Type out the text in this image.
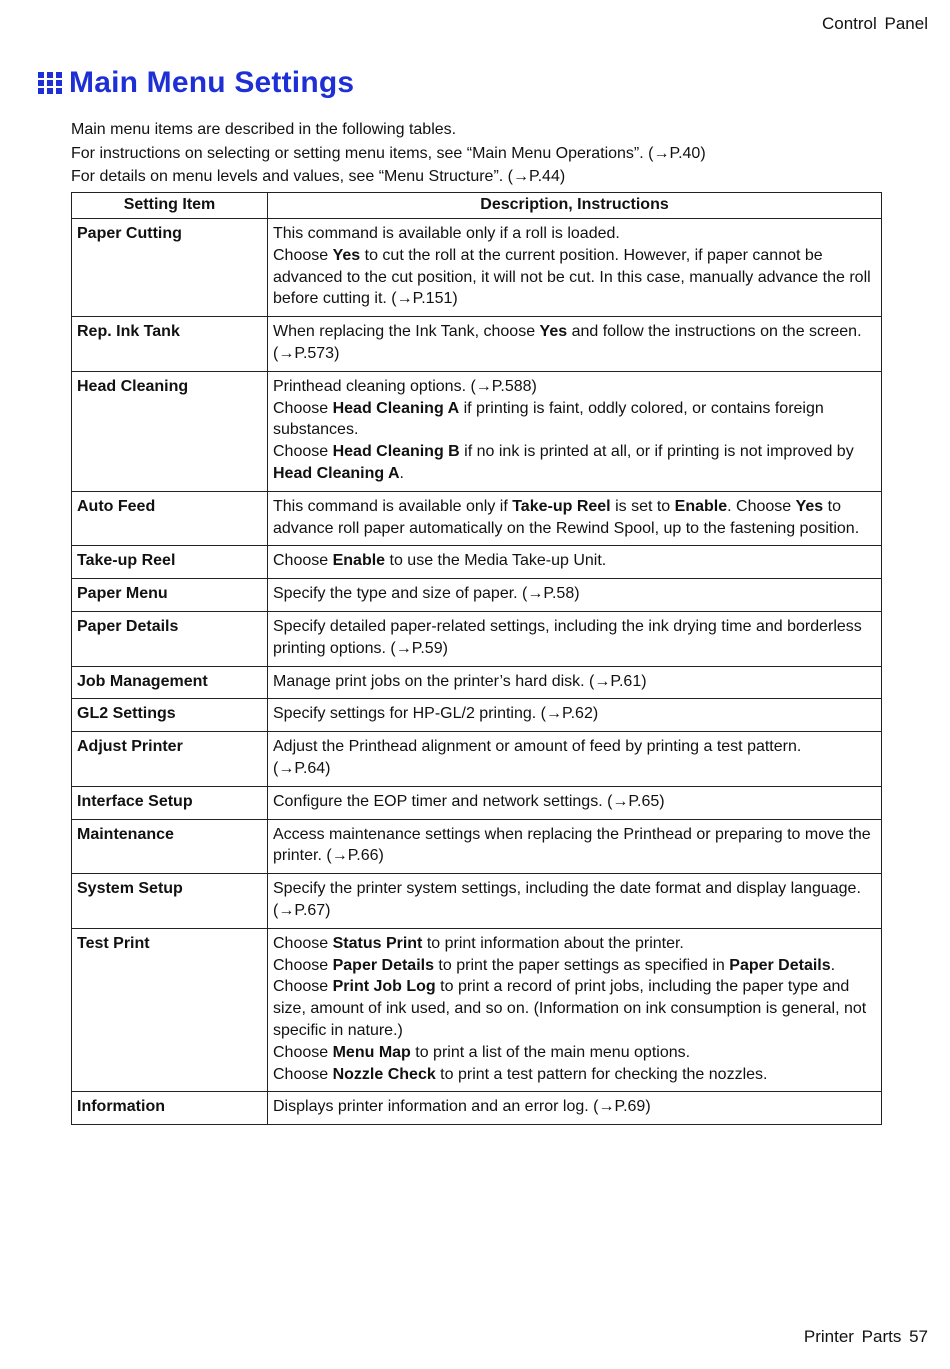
Control Panel
Main Menu Settings
Main menu items are described in the following tables.
For instructions on selecting or setting menu items, see “Main Menu Operations”. (→P.40)
For details on menu levels and values, see “Menu Structure”. (→P.44)
Setting Item	Description, Instructions
Paper Cutting	This command is available only if a roll is loaded.
Choose Yes to cut the roll at the current position. However, if paper cannot be advanced to the cut position, it will not be cut. In this case, manually advance the roll before cutting it. (→P.151)
Rep. Ink Tank	When replacing the Ink Tank, choose Yes and follow the instructions on the screen. (→P.573)
Head Cleaning	Printhead cleaning options. (→P.588)
Choose Head Cleaning A if printing is faint, oddly colored, or contains foreign substances.
Choose Head Cleaning B if no ink is printed at all, or if printing is not improved by Head Cleaning A.
Auto Feed	This command is available only if Take-up Reel is set to Enable. Choose Yes to advance roll paper automatically on the Rewind Spool, up to the fastening position.
Take-up Reel	Choose Enable to use the Media Take-up Unit.
Paper Menu	Specify the type and size of paper. (→P.58)
Paper Details	Specify detailed paper-related settings, including the ink drying time and borderless printing options. (→P.59)
Job Management	Manage print jobs on the printer’s hard disk. (→P.61)
GL2 Settings	Specify settings for HP-GL/2 printing. (→P.62)
Adjust Printer	Adjust the Printhead alignment or amount of feed by printing a test pattern.
(→P.64)
Interface Setup	Configure the EOP timer and network settings. (→P.65)
Maintenance	Access maintenance settings when replacing the Printhead or preparing to move the printer. (→P.66)
System Setup	Specify the printer system settings, including the date format and display language. (→P.67)
Test Print	Choose Status Print to print information about the printer.
Choose Paper Details to print the paper settings as specified in Paper Details.
Choose Print Job Log to print a record of print jobs, including the paper type and size, amount of ink used, and so on. (Information on ink consumption is general, not specific in nature.)
Choose Menu Map to print a list of the main menu options.
Choose Nozzle Check to print a test pattern for checking the nozzles.
Information	Displays printer information and an error log. (→P.69)
Printer Parts 57
